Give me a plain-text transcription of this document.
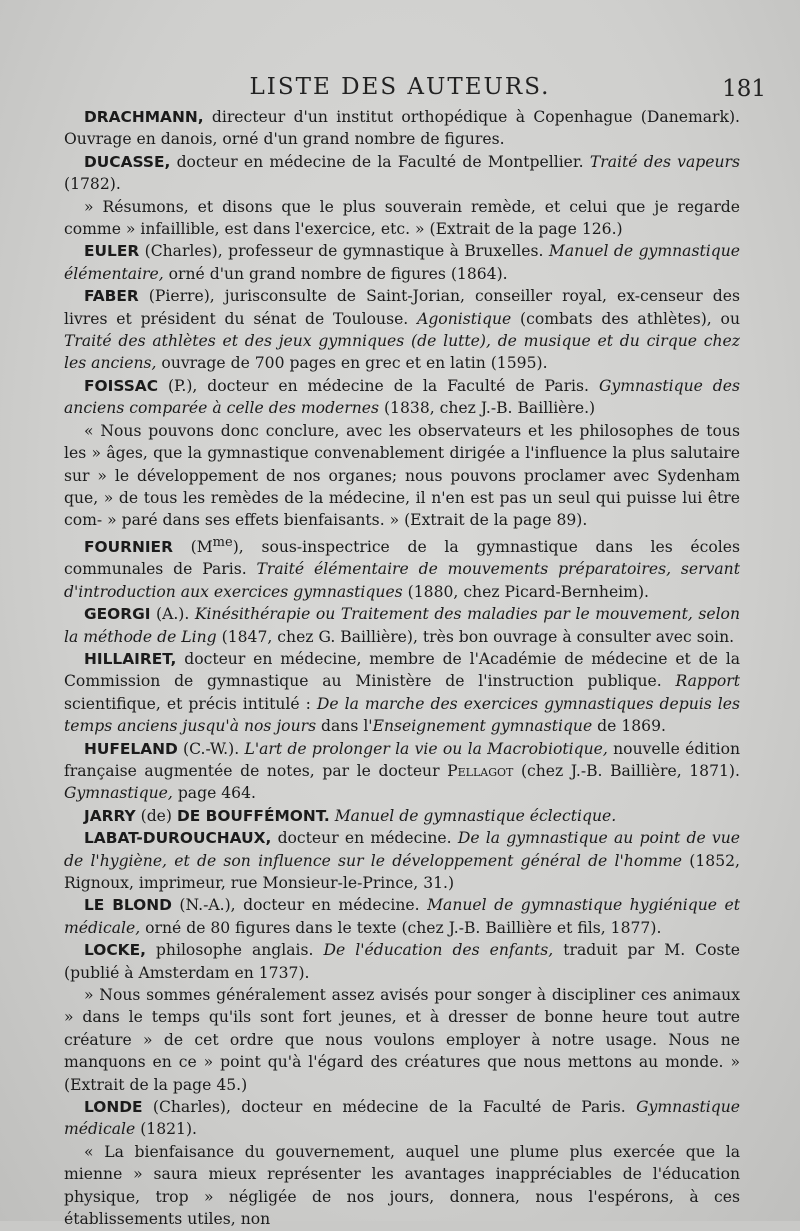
LISTE DES AUTEURS.	181

DRACHMANN, directeur d'un institut orthopédique à Copenhague (Danemark). Ouvrage en danois, orné d'un grand nombre de figures.

DUCASSE, docteur en médecine de la Faculté de Montpellier. Traité des vapeurs (1782).

» Résumons, et disons que le plus souverain remède, et celui que je regarde comme » infaillible, est dans l'exercice, etc. » (Extrait de la page 126.)

EULER (Charles), professeur de gymnastique à Bruxelles. Manuel de gymnastique élémentaire, orné d'un grand nombre de figures (1864).

FABER (Pierre), jurisconsulte de Saint-Jorian, conseiller royal, ex-censeur des livres et président du sénat de Toulouse. Agonistique (combats des athlètes), ou Traité des athlètes et des jeux gymniques (de lutte), de musique et du cirque chez les anciens, ouvrage de 700 pages en grec et en latin (1595).

FOISSAC (P.), docteur en médecine de la Faculté de Paris. Gymnastique des anciens comparée à celle des modernes (1838, chez J.-B. Baillière.)

« Nous pouvons donc conclure, avec les observateurs et les philosophes de tous les » âges, que la gymnastique convenablement dirigée a l'influence la plus salutaire sur » le développement de nos organes; nous pouvons proclamer avec Sydenham que, » de tous les remèdes de la médecine, il n'en est pas un seul qui puisse lui être com- » paré dans ses effets bienfaisants. » (Extrait de la page 89).

FOURNIER $(M^{me})$, sous-inspectrice de la gymnastique dans les écoles communales de Paris. Traité élémentaire de mouvements préparatoires, servant d'introduction aux exercices gymnastiques (1880, chez Picard-Bernheim).

GEORGI (A.). Kinésithérapie ou Traitement des maladies par le mouvement, selon la méthode de Ling (1847, chez G. Baillière), très bon ouvrage à consulter avec soin.

HILLAIRET, docteur en médecine, membre de l'Académie de médecine et de la Commission de gymnastique au Ministère de l'instruction publique. Rapport scientifique, et précis intitulé : De la marche des exercices gymnastiques depuis les temps anciens jusqu'à nos jours dans l'Enseignement gymnastique de 1869.

HUFELAND (C.-W.). L'art de prolonger la vie ou la Macrobiotique, nouvelle édition française augmentée de notes, par le docteur Pellagot (chez J.-B. Baillière, 1871). Gymnastique, page 464.

JARRY (de) DE BOUFFÉMONT. Manuel de gymnastique éclectique.

LABAT-DUROUCHAUX, docteur en médecine. De la gymnastique au point de vue de l'hygiène, et de son influence sur le développement général de l'homme (1852, Rignoux, imprimeur, rue Monsieur-le-Prince, 31.)

LE BLOND (N.-A.), docteur en médecine. Manuel de gymnastique hygiénique et médicale, orné de 80 figures dans le texte (chez J.-B. Baillière et fils, 1877).

LOCKE, philosophe anglais. De l'éducation des enfants, traduit par M. Coste (publié à Amsterdam en 1737).

» Nous sommes généralement assez avisés pour songer à discipliner ces animaux » dans le temps qu'ils sont fort jeunes, et à dresser de bonne heure tout autre créature » de cet ordre que nous voulons employer à notre usage. Nous ne manquons en ce » point qu'à l'égard des créatures que nous mettons au monde. » (Extrait de la page 45.)

LONDE (Charles), docteur en médecine de la Faculté de Paris. Gymnastique médicale (1821).

« La bienfaisance du gouvernement, auquel une plume plus exercée que la mienne » saura mieux représenter les avantages inappréciables de l'éducation physique, trop » négligée de nos jours, donnera, nous l'espérons, à ces établissements utiles, non
